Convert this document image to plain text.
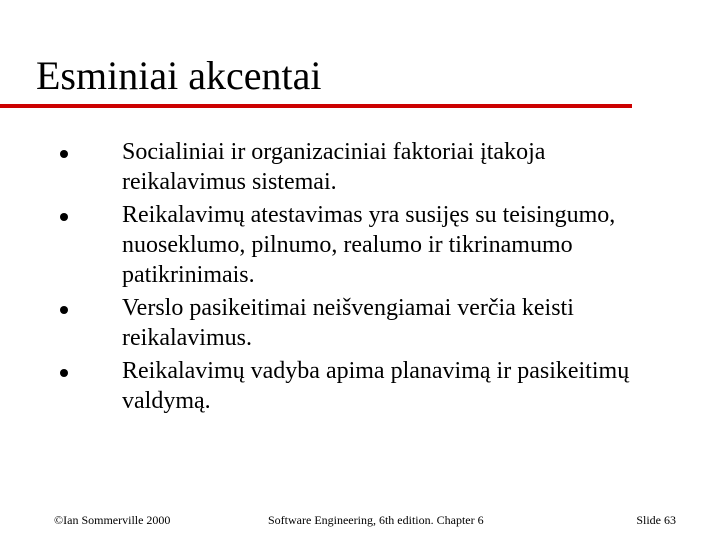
Esminiai akcentai
Socialiniai ir organizaciniai faktoriai įtakoja reikalavimus sistemai.
Reikalavimų atestavimas yra susijęs su teisingumo, nuoseklumo, pilnumo, realumo ir tikrinamumo patikrinimais.
Verslo pasikeitimai neišvengiamai verčia keisti reikalavimus.
Reikalavimų vadyba apima planavimą ir pasikeitimų valdymą.
©Ian Sommerville 2000	Software Engineering, 6th edition. Chapter 6	Slide 63
